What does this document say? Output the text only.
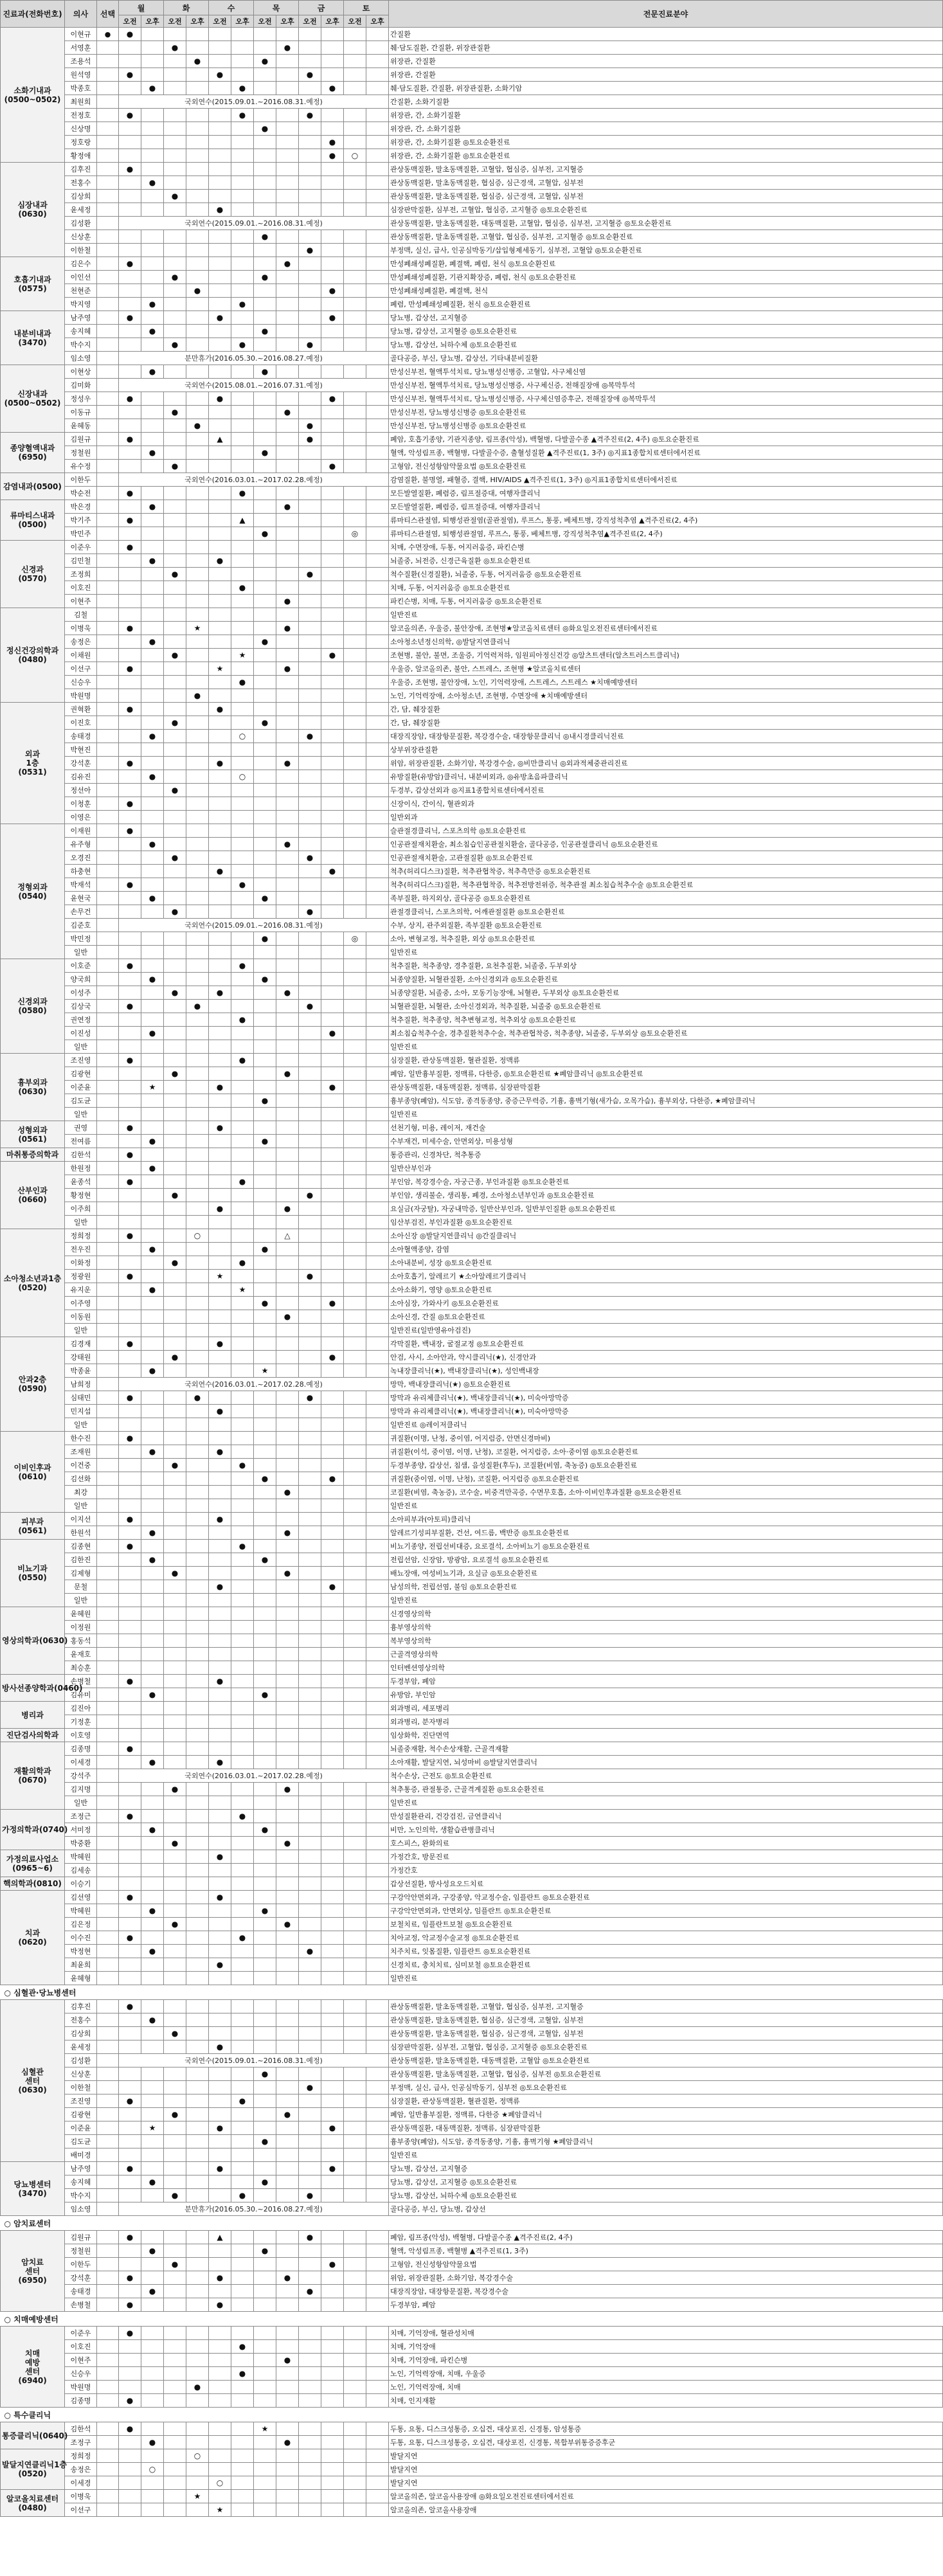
진료과(전화번호)	의사	선택	월		화		수		목		금		토		전문진료분야
			오전	오후	오전	오후	오전	오후	오전	오후	오전	오후	오전	오후	
소화기내과
(0500~0502)	이현규	●	●												간질환
	서영훈				●					●					췌·담도질환, 간질환, 위장관질환
	조용석					●			●						위장관, 간질환
	원석영		●				●				●				위장관, 간질환
	박종호			●				●				●			췌·담도질환, 간질환, 위장관질환, 소화기암
	최원희		국외연수(2015.09.01.~2016.08.31.예정)												간질환, 소화기질환
	전정호		●					●			●				위장관, 간, 소화기질환
	신상명								●						위장관, 간, 소화기질환
	정호랑											●			위장관, 간, 소화기질환 ◎토요순환진료
	황정애											●	○		위장관, 간, 소화기질환 ◎토요순환진료
심장내과
(0630)	김후진		●												관상동맥질환, 말초동맥질환, 고혈압, 협심증, 심부전, 고지혈증
	전홍수			●											관상동맥질환, 말초동맥질환, 협심증, 심근경색, 고혈압, 심부전
	김상희				●										관상동맥질환, 말초동맥질환, 협심증, 심근경색, 고혈압, 심부전
	윤세정						●								심장판막질환, 심부전, 고혈압, 협심증, 고지혈증 ◎토요순환진료
	김성환		국외연수(2015.09.01.~2016.08.31.예정)												관상동맥질환, 말초동맥질환, 대동맥질환, 고혈압, 협심증, 심부전, 고지혈증 ◎토요순환진료
	신상훈								●						관상동맥질환, 말초동맥질환, 고혈압, 협심증, 심부전, 고지혈증 ◎토요순환진료
	이한철										●				부정맥, 실신, 급사, 인공심박동기/삽입형제세동기, 심부전, 고혈압 ◎토요순환진료
호흡기내과
(0575)	김은수		●							●					만성폐쇄성폐질환, 폐결핵, 폐렴, 천식 ◎토요순환진료
	이인선				●				●						만성폐쇄성폐질환, 기관지확장증, 폐렴, 천식 ◎토요순환진료
	천현준					●						●			만성폐쇄성폐질환, 폐결핵, 천식
	박지영			●				●							폐렴, 만성폐쇄성폐질환, 천식 ◎토요순환진료
내분비내과
(3470)	남주영		●				●					●			당뇨병, 갑상선, 고지혈증
	송지혜			●					●						당뇨병, 갑상선, 고지혈증 ◎토요순환진료
	박수지				●			●			●				당뇨병, 갑상선, 뇌하수체 ◎토요순환진료
	임소영		분만휴가(2016.05.30.~2016.08.27.예정)												골다공증, 부신, 당뇨병, 갑상선, 기타내분비질환
신장내과
(0500~0502)	이현상			●					●						만성신부전, 혈액투석치료, 당뇨병성신병증, 고혈압, 사구체신염
	김미화		국외연수(2015.08.01.~2016.07.31.예정)												만성신부전, 혈액투석치료, 당뇨병성신병증, 사구체신증, 전해질장애 ◎복막투석
	정성우		●				●					●			만성신부전, 혈액투석치료, 당뇨병성신병증, 사구체신염증후군, 전해질장애 ◎복막투석
	이동규				●					●					만성신부전, 당뇨병성신병증 ◎토요순환진료
	윤혜동					●					●				만성신부전, 당뇨병성신병증 ◎토요순환진료
종양혈액내과
(6950)	김원규		●				▲				●				폐암, 호흡기종양, 기관지종양, 림프종(악성), 백혈병, 다발골수종 ▲격주진료(2, 4주) ◎토요순환진료
	정철원			●					●						혈액, 악성림프종, 백혈병, 다발골수증, 출혈성질환 ▲격주진료(1, 3주) ◎지표1종합치료센터에서진료
	유수정				●							●			고형암, 전신성항암약물요법 ◎토요순환진료
감염내과(0500)	이한두		국외연수(2016.03.01.~2017.02.28.예정)												감염질환, 불명열, 패혈증, 결핵, HIV/AIDS ▲격주진료(1, 3주) ◎지표1종합치료센터에서진료
	박순전		●					●							모든발열질환, 폐렴증, 림프절증대, 여행자클리닉
류마티스내과
(0500)	박은경			●						●					모든발열질환, 폐렴증, 림프절증대, 여행자클리닉
	박기주		●					▲							류마티스관절염, 퇴행성관절염(골관절염), 루프스, 통풍, 베체트병, 강직성척추염 ▲격주진료(2, 4주)
	박민주								●				◎		류마티스관절염, 퇴행성관절염, 루프스, 통풍, 베체트병, 강직성척추염▲격주진료(2, 4주)
신경과
(0570)	이준우		●												치매, 수면장애, 두통, 어지러움증, 파킨슨병
	김민철			●			●								뇌졸중, 뇌전증, 신경근육질환 ◎토요순환진료
	조정희				●						●				척수질환(신경질환), 뇌졸중, 두통, 어지러움증 ◎토요순환진료
	이호진							●							치매, 두통, 어지러움증 ◎토요순환진료
	이현주									●					파킨슨병, 치매, 두통, 어지러움증 ◎토요순환진료
정신건강의학과
(0480)	김철														일반진료
	이병욱		●			★				●					알코올의존, 우울증, 불안장애, 조현병★알코올치료센터 ◎화요일오전진료센터에서진료
	송정은			●					●						소아청소년정신의학, ◎발달지연클리닉
	이채원				●			★				●			조현병, 불안, 불면, 조울증, 기억력저하, 임원피아정신건강 ◎알츠트센터(알츠트러스트클리닉)
	이선구		●				★			●					우울증, 알코올의존, 불안, 스트레스, 조현병 ★알코올치료센터
	신승우							●							우울증, 조현병, 불안장애, 노인, 기억력장애, 스트레스, 스트레스 ★치매예방센터
	박원명					●									노인, 기억력장애, 소아청소년, 조현병, 수면장애 ★치매예방센터
외과
1층
(0531)	권혁환		●				●								간, 담, 췌장질환
	이진호				●				●						간, 담, 췌장질환
	송태경			●				○			●				대장직장암, 대장항문질환, 복강경수술, 대장항문클리닉 ◎내시경클리닉진료
	박현진														상부위장관질환
	강석훈		●				●			●					위암, 위장관질환, 소화기암, 복강경수술, ◎비만클리닉 ◎외과적체중관리진료
	김유진			●				○							유방질환(유방암)클리닉, 내분비외과, ◎유방초음파클리닉
	정선아				●										두경부, 갑상선외과 ◎지표1종합치료센터에서진료
	이청훈		●												신장이식, 간이식, 혈관외과
	이영은														일반외과
정형외과
(0540)	이재원		●												슬관절경클리닉, 스포츠의학 ◎토요순환진료
	유주형			●						●					인공관절재치환술, 최소침습인공관절치환술, 골다공증, 인공관절클리닉 ◎토요순환진료
	오경진				●						●				인공관절재치환술, 고관절질환 ◎토요순환진료
	하충현						●					●			척추(허리디스크)질환, 척추관협착증, 척추측만증 ◎토요순환진료
	박재석		●					●							척추(허리디스크)질환, 척추관협착증, 척추전방전위증, 척추관절 최소침습척추수술 ◎토요순환진료
	윤현국			●					●						족부질환, 하지외상, 골다공증 ◎토요순환진료
	손무건				●						●				관절경클리닉, 스포츠의학, 어깨관절질환 ◎토요순환진료
	김준호		국외연수(2015.09.01.~2016.08.31.예정)												수부, 상지, 관주외질환, 족부질환 ◎토요순환진료
	박민정								●				◎		소아, 변형교정, 척추질환, 외상 ◎토요순환진료
	일반														일반진료
신경외과
(0580)	이호준		●					●							척추질환, 척추종양, 경추질환, 요천추질환, 뇌졸중, 두부외상
	양국희			●					●						뇌종양질환, 뇌혈관질환, 소아신경외과 ◎토요순환진료
	이성주				●		●			●					뇌종양질환, 뇌졸중, 소아, 모동기능장애, 뇌혈관, 두부외상 ◎토요순환진료
	김상국		●			●					●				뇌혈관질환, 뇌혈관, 소아신경외과, 척추질환, 뇌졸중 ◎토요순환진료
	권연정							●							척추질환, 척추종양, 척추변형교정, 척추외상 ◎토요순환진료
	이진성			●								●			최소침습척추수술, 경추질환척추수술, 척추관협착증, 척추종양, 뇌졸중, 두부외상 ◎토요순환진료
	일반														일반진료
흉부외과
(0630)	조진영		●					●							심장질환, 관상동맥질환, 혈관질환, 정맥류
	김광현				●					●					폐암, 일반흉부질환, 정맥류, 다한증, ◎토요순환진료 ★폐암클리닉 ◎토요순환진료
	이준윤			★			●					●			관상동맥질환, 대동맥질환, 정맥류, 심장판막질환
	김도균								●						흉부종양(폐암), 식도암, 종격동종양, 중증근무력증, 기흉, 흉벽기형(새가슴, 오목가슴), 흉부외상, 다한증, ★폐암클리닉
	일반														일반진료
성형외과
(0561)	권영		●				●								선천기형, 미용, 레이저, 재건술
	전여름			●					●						수부재건, 미세수술, 안면외상, 미용성형
마취통증의학과	김한석		●												통증관리, 신경차단, 척추통증
산부인과
(0660)	한원정			●											일반산부인과
	윤종석		●					●							부인암, 복강경수술, 자궁근종, 부인과질환 ◎토요순환진료
	황정현				●						●				부인암, 생리불순, 생리통, 폐경, 소아청소년부인과 ◎토요순환진료
	이주희						●			●					요실금(자궁탈), 자궁내막증, 일반산부인과, 일반부인질환 ◎토요순환진료
	일반														임산부검진, 부인과질환 ◎토요순환진료
소아청소년과1층
(0520)	정희정		●			○				△					소아신장 ◎발달지연클리닉 ◎간질클리닉
	전우진			●					●						소아혈액종양, 감염
	이화정				●			●							소아내분비, 성장 ◎토요순환진료
	정광원		●				★				●				소아호흡기, 알레르기 ★소아알레르기클리닉
	유지운			●				★							소아소화기, 영양 ◎토요순환진료
	이주영								●			●			소아심장, 가와사키 ◎토요순환진료
	이동원									●					소아신경, 간질 ◎토요순환진료
	일반														일반진료(일반영유아검진)
안과2층
(0590)	김경재		●				●								각막질환, 백내장, 굴절교정 ◎토요순환진료
	강태원				●							●			안검, 사시, 소아안과, 약시클리닉(★), 신경안과
	박종윤			●					★						녹내장클리닉(★), 백내장클리닉(★), 성인백내장
	남희정		국외연수(2016.03.01.~2017.02.28.예정)												망막, 백내장클리닉(★) ◎토요순환진료
	심태민		●			●					●				망막과 유리체클리닉(★), 백내장클리닉(★), 미숙아망막증
	민지섭						●								망막과 유리체클리닉(★), 백내장클리닉(★), 미숙아망막증
	일반														일반진료 ◎레이저클리닉
이비인후과
(0610)	한수진		●												귀질환(이명, 난청, 중이염, 어지럼증, 안면신경마비)
	조재원			●			●								귀질환(이석, 중이염, 이명, 난청), 코질환, 어지럼증, 소아·중이염 ◎토요순환진료
	이건중				●			●							두경부종양, 갑상선, 침샘, 음성질환(후두), 코질환(비염, 축농증) ◎토요순환진료
	김선화								●			●			귀질환(중이염, 이명, 난청), 코질환, 어지럼증 ◎토요순환진료
	최강									●					코질환(비염, 축농증), 코수술, 비중격만곡증, 수면무호흡, 소아·이비인후과질환 ◎토요순환진료
	일반														일반진료
피부과
(0561)	이지선		●				●								소아피부과(아토피)클리닉
	한원석			●						●					알레르기성피부질환, 건선, 여드름, 백반증 ◎토요순환진료
비뇨기과
(0550)	김종현		●					●							비뇨기종양, 전립선비대증, 요로결석, 소아비뇨기 ◎토요순환진료
	김한진			●					●						전립선암, 신장암, 방광암, 요로결석 ◎토요순환진료
	김제형				●					●					배뇨장애, 여성비뇨기과, 요실금 ◎토요순환진료
	문철						●					●			남성의학, 전립선염, 불임 ◎토요순환진료
	일반														일반진료
영상의학과(0630)	윤혜원														신경영상의학
	이정원														흉부영상의학
	홍동석														복부영상의학
	윤재호														근골격영상의학
	최승훈														인터벤션영상의학
방사선종양학과(0460)	손병철		●				●								두경부암, 폐암
	김유미			●					●						유방암, 부인암
병리과	김진아														외과병리, 세포병리
	기정훈														외과병리, 분자병리
진단검사의학과	이호영														임상화학, 진단면역
재활의학과
(0670)	김종명		●												뇌졸중재활, 척수손상재활, 근골격재활
	이세경			●			●								소아재활, 발달지연, 뇌성마비 ◎발달지연클리닉
	강석주		국외연수(2016.03.01.~2017.02.28.예정)												척수손상, 근전도 ◎토요순환진료
	김지명				●					●					척추통증, 관절통증, 근골격계질환 ◎토요순환진료
	일반														일반진료
가정의학과(0740)	조정근		●					●							만성질환관리, 건강검진, 금연클리닉
	서미정			●					●						비만, 노인의학, 생활습관병클리닉
	박중환				●					●					호스피스, 완화의료
가정의료사업소
(0965~6)	박혜원						●								가정간호, 방문진료
	김세송														가정간호
핵의학과(0810)	이승기														갑상선질환, 방사성요오드치료
치과
(0620)	김선영		●				●								구강악안면외과, 구강종양, 악교정수술, 임플란트 ◎토요순환진료
	박혜원			●					●						구강악안면외과, 안면외상, 임플란트 ◎토요순환진료
	김은정				●					●					보철치료, 임플란트보철 ◎토요순환진료
	이수진		●					●							치아교정, 악교정수술교정 ◎토요순환진료
	박정현			●							●				치주치료, 잇몸질환, 임플란트 ◎토요순환진료
	최윤희						●								신경치료, 충치치료, 심미보철 ◎토요순환진료
	윤혜형														일반진료
○ 심혈관·당뇨병센터															
심혈관
센터
(0630)	김후진		●												관상동맥질환, 말초동맥질환, 고혈압, 협심증, 심부전, 고지혈증
	전홍수			●											관상동맥질환, 말초동맥질환, 협심증, 심근경색, 고혈압, 심부전
	김상희				●										관상동맥질환, 말초동맥질환, 협심증, 심근경색, 고혈압, 심부전
	윤세정						●								심장판막질환, 심부전, 고혈압, 협심증, 고지혈증 ◎토요순환진료
	김성환		국외연수(2015.09.01.~2016.08.31.예정)												관상동맥질환, 말초동맥질환, 대동맥질환, 고혈압 ◎토요순환진료
	신상훈								●						관상동맥질환, 말초동맥질환, 고혈압, 협심증, 심부전 ◎토요순환진료
	이한철										●				부정맥, 실신, 급사, 인공심박동기, 심부전 ◎토요순환진료
	조진영		●					●							심장질환, 관상동맥질환, 혈관질환, 정맥류
	김광현				●					●					폐암, 일반흉부질환, 정맥류, 다한증 ★폐암클리닉
	이준윤			★			●					●			관상동맥질환, 대동맥질환, 정맥류, 심장판막질환
	김도균								●						흉부종양(폐암), 식도암, 종격동종양, 기흉, 흉벽기형 ★폐암클리닉
	배미경														일반진료
당뇨병센터
(3470)	남주영		●				●					●			당뇨병, 갑상선, 고지혈증
	송지혜			●					●						당뇨병, 갑상선, 고지혈증 ◎토요순환진료
	박수지				●			●			●				당뇨병, 갑상선, 뇌하수체 ◎토요순환진료
	임소영		분만휴가(2016.05.30.~2016.08.27.예정)												골다공증, 부신, 당뇨병, 갑상선
○ 암치료센터															
암치료
센터
(6950)	김원규		●				▲				●				폐암, 림프종(악성), 백혈병, 다발골수종 ▲격주진료(2, 4주)
	정철원			●					●						혈액, 악성림프종, 백혈병 ▲격주진료(1, 3주)
	이한두				●							●			고형암, 전신성항암약물요법
	강석훈		●				●			●					위암, 위장관질환, 소화기암, 복강경수술
	송태경			●							●				대장직장암, 대장항문질환, 복강경수술
	손병철		●				●								두경부암, 폐암
○ 치매예방센터															
치매
예방
센터
(6940)	이준우		●												치매, 기억장애, 혈관성치매
	이호진							●							치매, 기억장애
	이현주									●					치매, 기억장애, 파킨슨병
	신승우							●							노인, 기억력장애, 치매, 우울증
	박원명					●									노인, 기억력장애, 치매
	김종명		●												치매, 인지재활
○ 특수클리닉															
통증클리닉(0640)	김한석		●						★						두통, 요통, 디스크성통증, 오십견, 대상포진, 신경통, 암성통증
	조정구			●						●					두통, 요통, 디스크성통증, 오십견, 대상포진, 신경통, 복합부위통증증후군
발달지연클리닉1층
(0520)	정희정					○									발달지연
	송정은			○											발달지연
	이세경						○								발달지연
알코올치료센터
(0480)	이병욱					★									알코올의존, 알코올사용장애 ◎화요일오전진료센터에서진료
	이선구						★								알코올의존, 알코올사용장애
